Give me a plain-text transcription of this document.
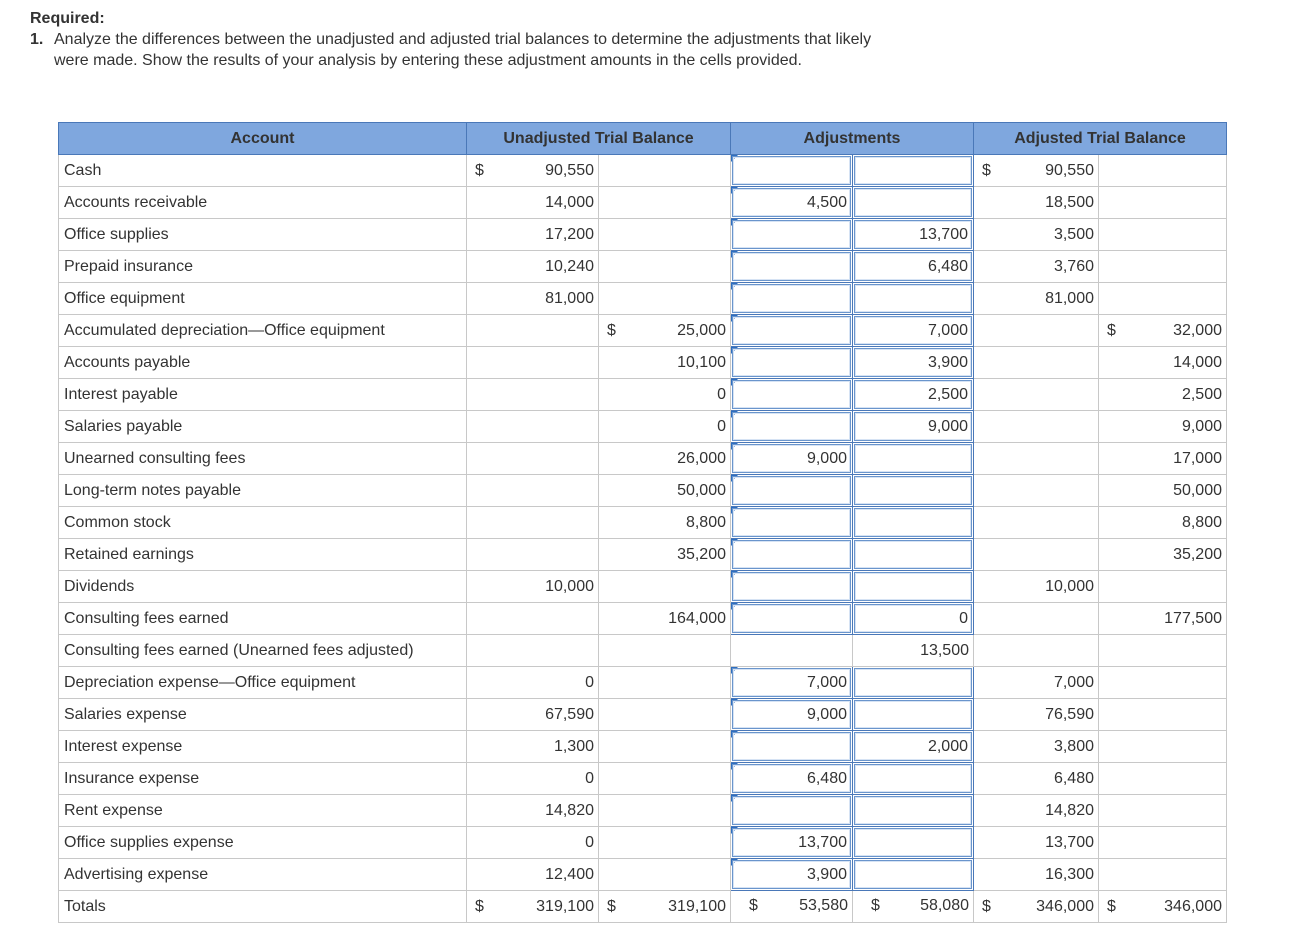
Required:
1. Analyze the differences between the unadjusted and adjusted trial balances to determine the adjustments that likely were made. Show the results of your analysis by entering these adjustment amounts in the cells provided.
Account	Unadjusted Trial Balance				Adjustments		Adjusted Trial Balance			
Cash	$	90,550					$	90,550		
Accounts receivable		14,000			4,500			18,500		
Office supplies		17,200				13,700		3,500		
Prepaid insurance		10,240				6,480		3,760		
Office equipment		81,000						81,000		
Accumulated depreciation—Office equipment			$	25,000		7,000			$	32,000
Accounts payable				10,100		3,900				14,000
Interest payable				0		2,500				2,500
Salaries payable				0		9,000				9,000
Unearned consulting fees				26,000	9,000					17,000
Long-term notes payable				50,000						50,000
Common stock				8,800						8,800
Retained earnings				35,200						35,200
Dividends		10,000						10,000		
Consulting fees earned				164,000		0				177,500
Consulting fees earned (Unearned fees adjusted)						13,500				
Depreciation expense—Office equipment		0			7,000			7,000		
Salaries expense		67,590			9,000			76,590		
Interest expense		1,300				2,000		3,800		
Insurance expense		0			6,480			6,480		
Rent expense		14,820						14,820		
Office supplies expense		0			13,700			13,700		
Advertising expense		12,400			3,900			16,300		
Totals	$	319,100	$	319,100	$ 53,580	$ 58,080	$	346,000	$	346,000
